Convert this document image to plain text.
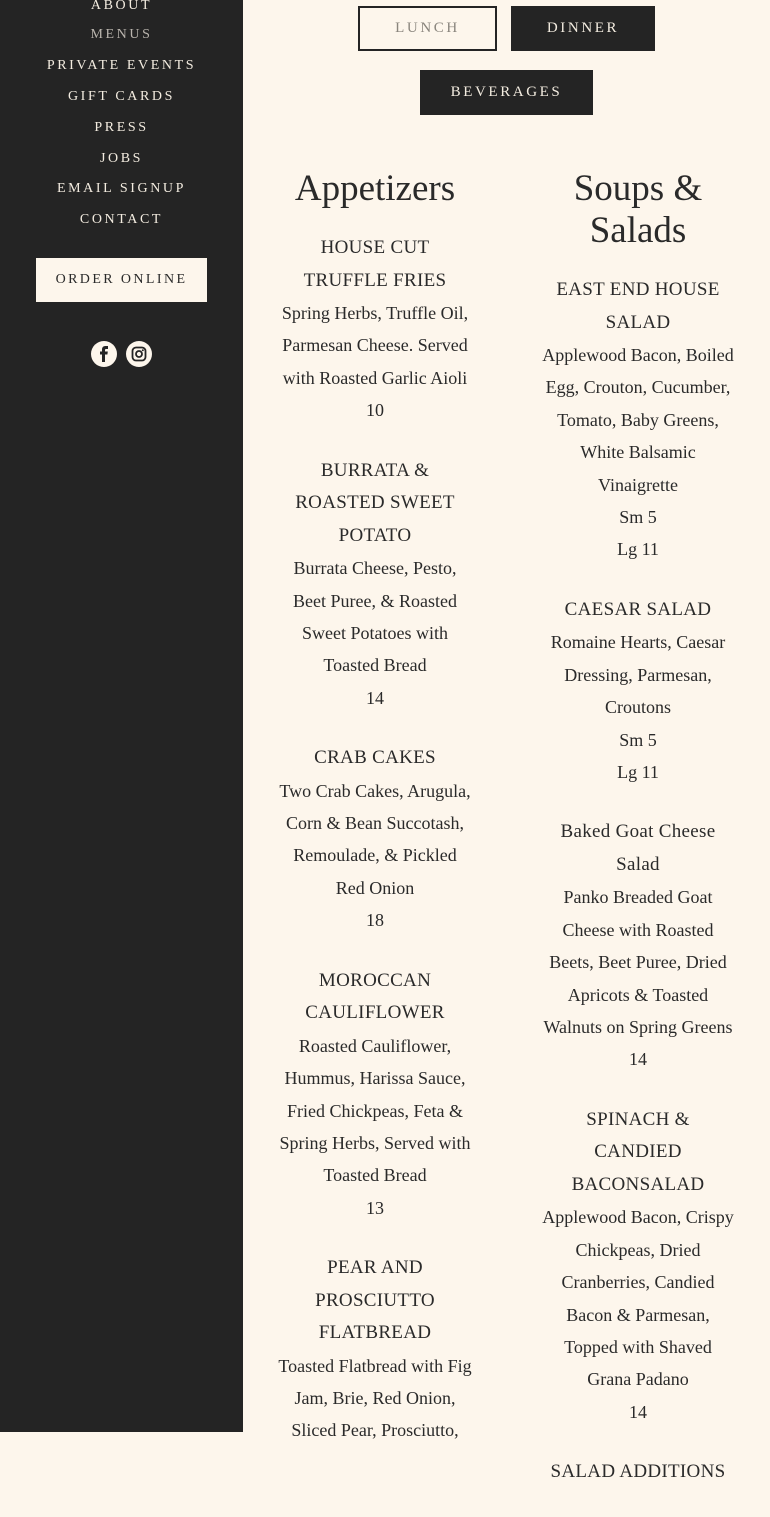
ABOUT
MENUS
PRIVATE EVENTS
GIFT CARDS
PRESS
JOBS
EMAIL SIGNUP
CONTACT
ORDER ONLINE
LUNCH	DINNER
BEVERAGES
Appetizers
HOUSE CUT TRUFFLE FRIES
Spring Herbs, Truffle Oil, Parmesan Cheese. Served with Roasted Garlic Aioli
10
BURRATA & ROASTED SWEET POTATO
Burrata Cheese, Pesto, Beet Puree, & Roasted Sweet Potatoes with Toasted Bread
14
CRAB CAKES
Two Crab Cakes, Arugula, Corn & Bean Succotash, Remoulade, & Pickled Red Onion
18
MOROCCAN CAULIFLOWER
Roasted Cauliflower, Hummus, Harissa Sauce, Fried Chickpeas, Feta & Spring Herbs, Served with Toasted Bread
13
PEAR AND PROSCIUTTO FLATBREAD
Toasted Flatbread with Fig Jam, Brie, Red Onion, Sliced Pear, Prosciutto,
Soups & Salads
EAST END HOUSE SALAD
Applewood Bacon, Boiled Egg, Crouton, Cucumber, Tomato, Baby Greens, White Balsamic Vinaigrette
Sm 5
Lg 11
CAESAR SALAD
Romaine Hearts, Caesar Dressing, Parmesan, Croutons
Sm 5
Lg 11
Baked Goat Cheese Salad
Panko Breaded Goat Cheese with Roasted Beets, Beet Puree, Dried Apricots & Toasted Walnuts on Spring Greens
14
SPINACH & CANDIED BACONSALAD
Applewood Bacon, Crispy Chickpeas, Dried Cranberries, Candied Bacon & Parmesan, Topped with Shaved Grana Padano
14
SALAD ADDITIONS
